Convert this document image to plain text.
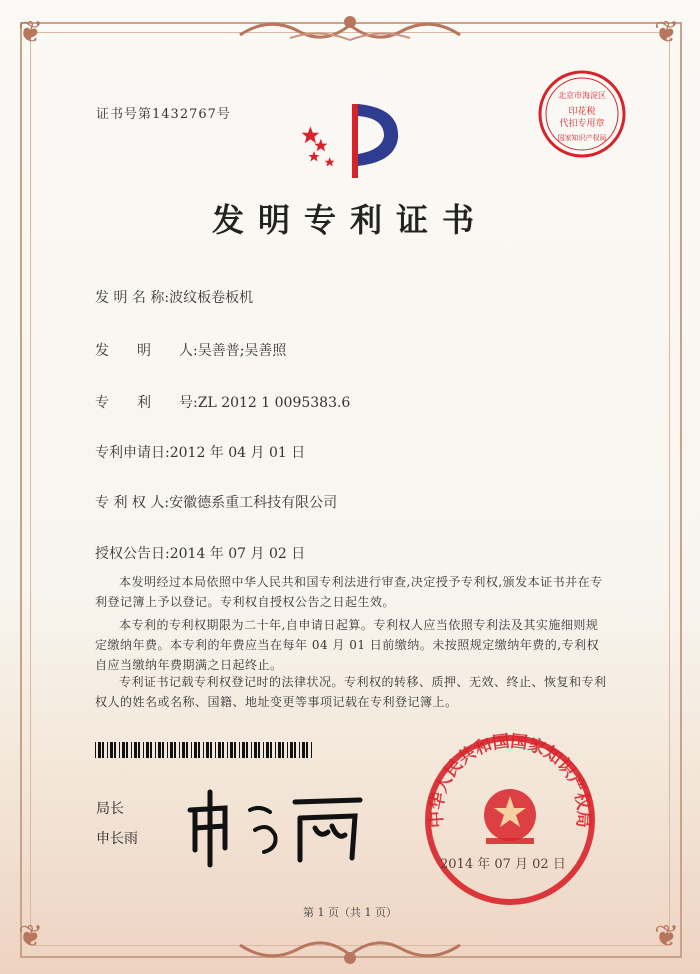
❦	❦
❦	❦
证书号第1432767号
北京市海淀区
印花税
代扣专用章
国家知识产权局
发明专利证书
发 明 名 称:波纹板卷板机
发　　明　　人:吴善普;吴善照
专　　利　　号:ZL 2012 1 0095383.6
专利申请日:2012 年 04 月 01 日
专 利 权 人:安徽德系重工科技有限公司
授权公告日:2014 年 07 月 02 日
本发明经过本局依照中华人民共和国专利法进行审查,决定授予专利权,颁发本证书并在专利登记簿上予以登记。专利权自授权公告之日起生效。
本专利的专利权期限为二十年,自申请日起算。专利权人应当依照专利法及其实施细则规定缴纳年费。本专利的年费应当在每年 04 月 01 日前缴纳。未按照规定缴纳年费的,专利权自应当缴纳年费期满之日起终止。
专利证书记载专利权登记时的法律状况。专利权的转移、质押、无效、终止、恢复和专利权人的姓名或名称、国籍、地址变更等事项记载在专利登记簿上。
局长
申长雨
中华人民共和国国家知识产权局
2014 年 07 月 02 日
第 1 页（共 1 页）
